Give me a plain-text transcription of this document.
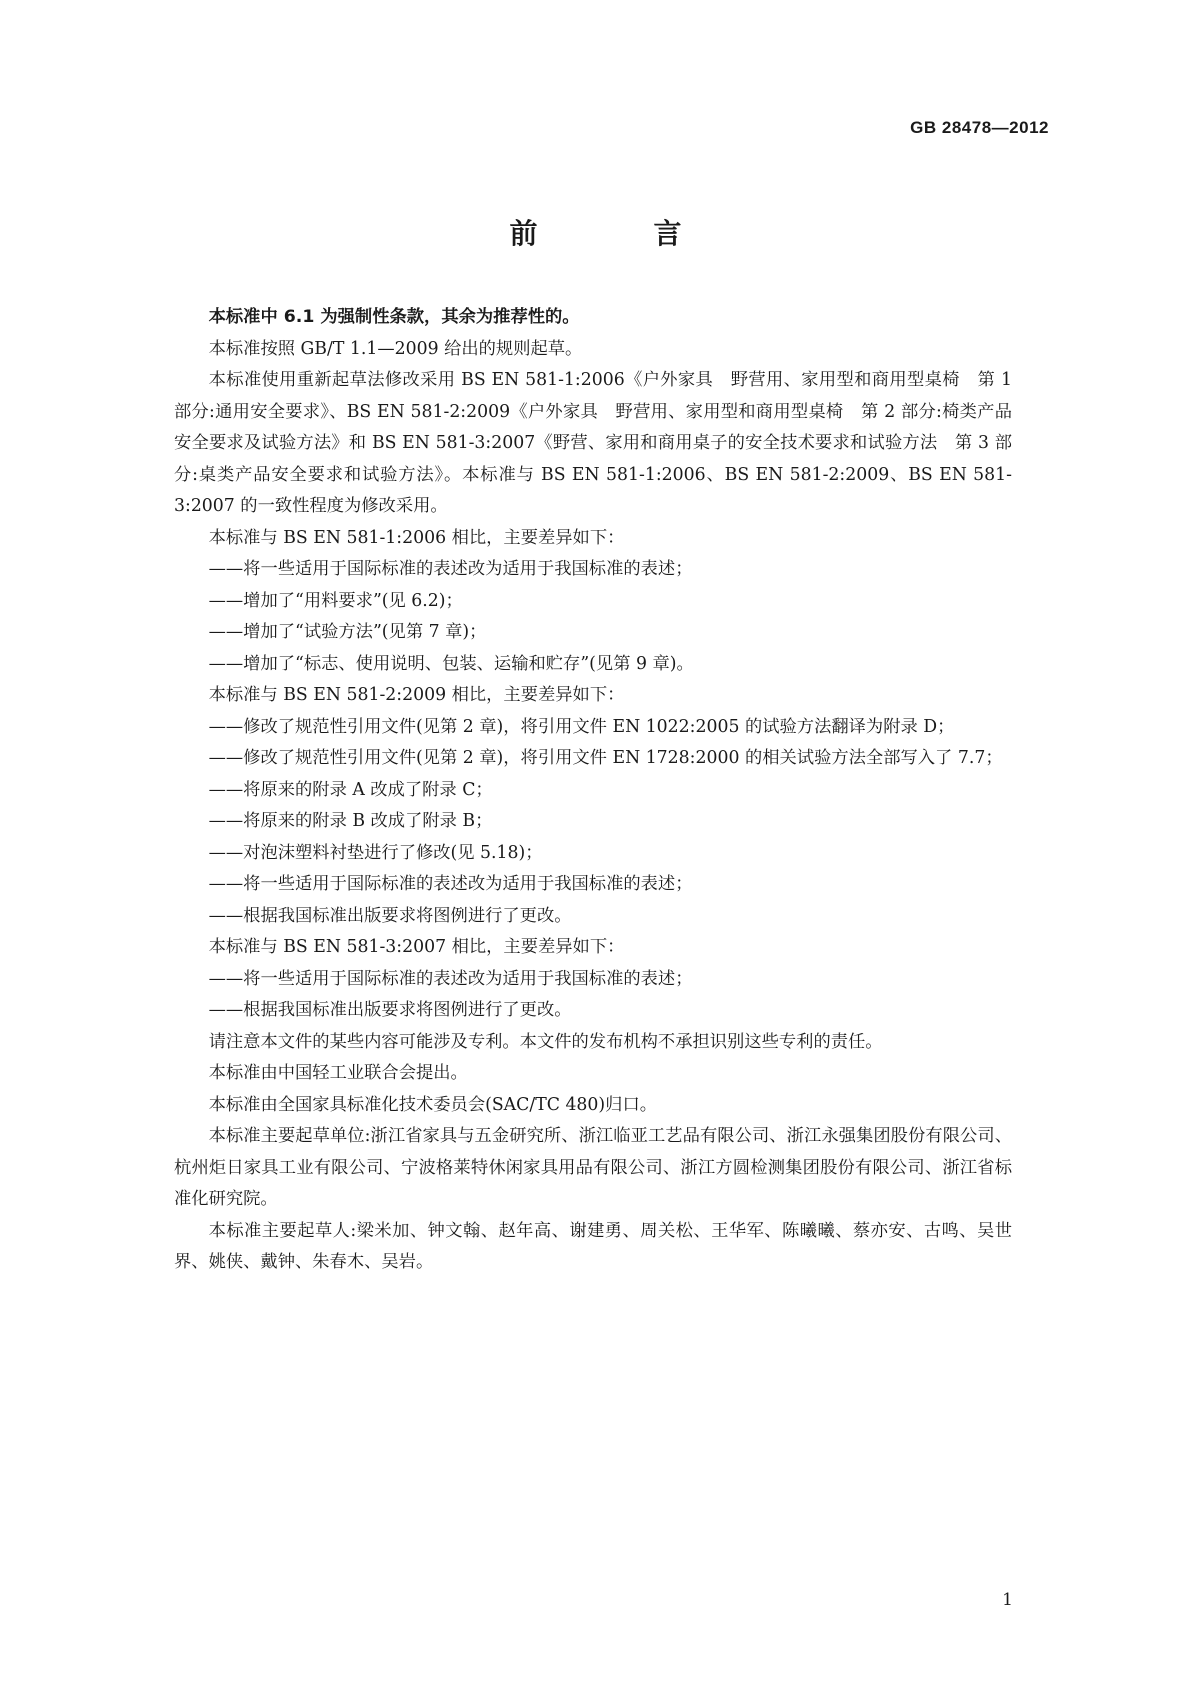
GB 28478—2012
前　言

本标准中 6.1 为强制性条款，其余为推荐性的。

本标准按照 GB/T 1.1—2009 给出的规则起草。

本标准使用重新起草法修改采用 BS EN 581-1:2006《户外家具　野营用、家用型和商用型桌椅　第 1 部分:通用安全要求》、BS EN 581-2:2009《户外家具　野营用、家用型和商用型桌椅　第 2 部分:椅类产品安全要求及试验方法》和 BS EN 581-3:2007《野营、家用和商用桌子的安全技术要求和试验方法　第 3 部分:桌类产品安全要求和试验方法》。本标准与 BS EN 581-1:2006、BS EN 581-2:2009、BS EN 581-3:2007 的一致性程度为修改采用。

本标准与 BS EN 581-1:2006 相比，主要差异如下：

——将一些适用于国际标准的表述改为适用于我国标准的表述；

——增加了“用料要求”(见 6.2)；

——增加了“试验方法”(见第 7 章)；

——增加了“标志、使用说明、包装、运输和贮存”(见第 9 章)。

本标准与 BS EN 581-2:2009 相比，主要差异如下：

——修改了规范性引用文件(见第 2 章)，将引用文件 EN 1022:2005 的试验方法翻译为附录 D；

——修改了规范性引用文件(见第 2 章)，将引用文件 EN 1728:2000 的相关试验方法全部写入了 7.7；

——将原来的附录 A 改成了附录 C；

——将原来的附录 B 改成了附录 B；

——对泡沫塑料衬垫进行了修改(见 5.18)；

——将一些适用于国际标准的表述改为适用于我国标准的表述；

——根据我国标准出版要求将图例进行了更改。

本标准与 BS EN 581-3:2007 相比，主要差异如下：

——将一些适用于国际标准的表述改为适用于我国标准的表述；

——根据我国标准出版要求将图例进行了更改。

请注意本文件的某些内容可能涉及专利。本文件的发布机构不承担识别这些专利的责任。

本标准由中国轻工业联合会提出。

本标准由全国家具标准化技术委员会(SAC/TC 480)归口。

本标准主要起草单位:浙江省家具与五金研究所、浙江临亚工艺品有限公司、浙江永强集团股份有限公司、杭州炬日家具工业有限公司、宁波格莱特休闲家具用品有限公司、浙江方圆检测集团股份有限公司、浙江省标准化研究院。

本标准主要起草人:梁米加、钟文翰、赵年高、谢建勇、周关松、王华军、陈曦曦、蔡亦安、古鸣、吴世界、姚侠、戴钟、朱春木、吴岩。

1
